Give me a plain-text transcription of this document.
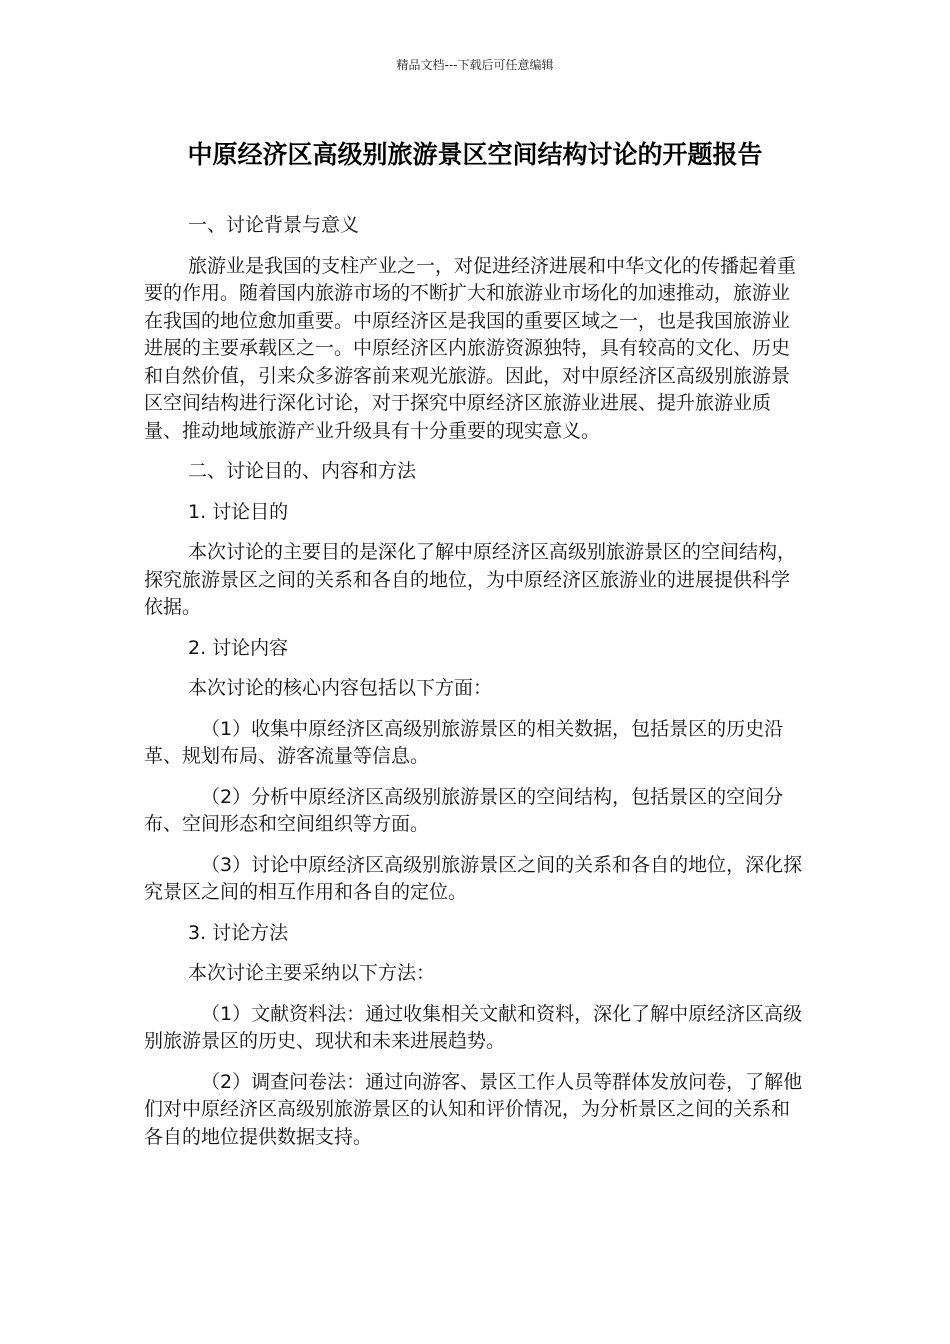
精品文档---下载后可任意编辑
中原经济区高级别旅游景区空间结构讨论的开题报告

一、讨论背景与意义

旅游业是我国的支柱产业之一，对促进经济进展和中华文化的传播起着重要的作用。随着国内旅游市场的不断扩大和旅游业市场化的加速推动，旅游业在我国的地位愈加重要。中原经济区是我国的重要区域之一，也是我国旅游业进展的主要承载区之一。中原经济区内旅游资源独特，具有较高的文化、历史和自然价值，引来众多游客前来观光旅游。因此，对中原经济区高级别旅游景区空间结构进行深化讨论，对于探究中原经济区旅游业进展、提升旅游业质量、推动地域旅游产业升级具有十分重要的现实意义。

二、讨论目的、内容和方法

1. 讨论目的

本次讨论的主要目的是深化了解中原经济区高级别旅游景区的空间结构，探究旅游景区之间的关系和各自的地位，为中原经济区旅游业的进展提供科学依据。

2. 讨论内容

本次讨论的核心内容包括以下方面：

（1）收集中原经济区高级别旅游景区的相关数据，包括景区的历史沿革、规划布局、游客流量等信息。

（2）分析中原经济区高级别旅游景区的空间结构，包括景区的空间分布、空间形态和空间组织等方面。

（3）讨论中原经济区高级别旅游景区之间的关系和各自的地位，深化探究景区之间的相互作用和各自的定位。

3. 讨论方法

本次讨论主要采纳以下方法：

（1）文献资料法：通过收集相关文献和资料，深化了解中原经济区高级别旅游景区的历史、现状和未来进展趋势。

（2）调查问卷法：通过向游客、景区工作人员等群体发放问卷，了解他们对中原经济区高级别旅游景区的认知和评价情况，为分析景区之间的关系和各自的地位提供数据支持。
